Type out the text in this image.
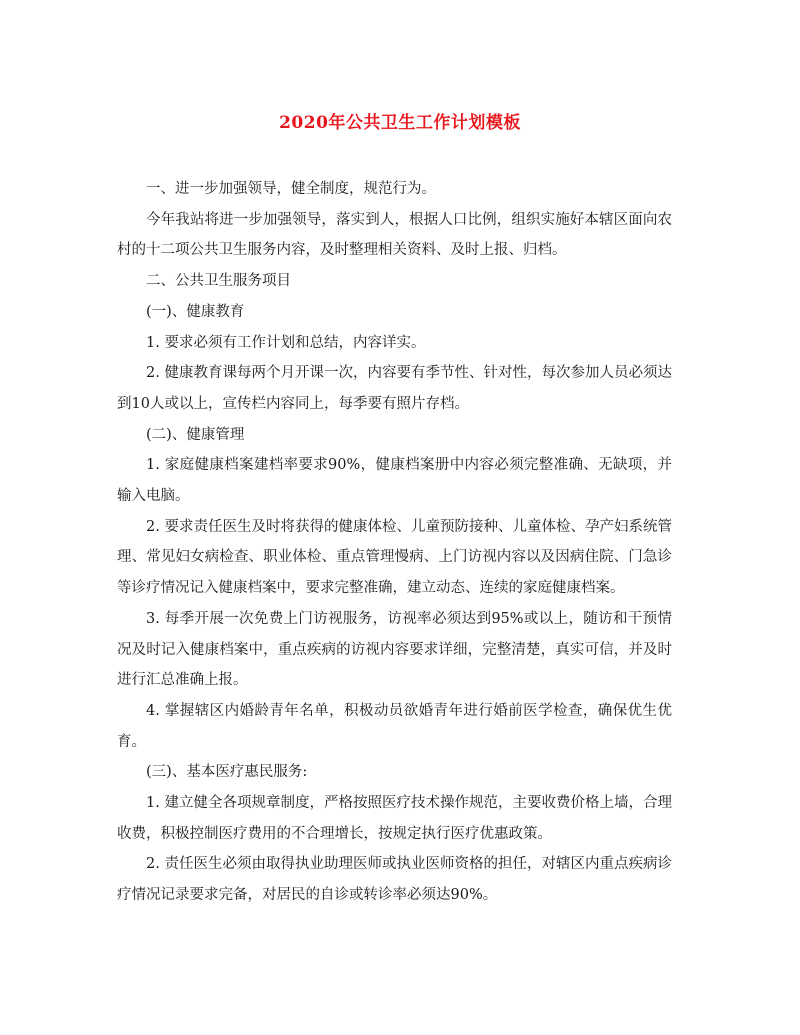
2020年公共卫生工作计划模板

一、进一步加强领导，健全制度，规范行为。

今年我站将进一步加强领导，落实到人，根据人口比例，组织实施好本辖区面向农村的十二项公共卫生服务内容，及时整理相关资料、及时上报、归档。

二、公共卫生服务项目

(一)、健康教育

1. 要求必须有工作计划和总结，内容详实。

2. 健康教育课每两个月开课一次，内容要有季节性、针对性，每次参加人员必须达到10人或以上，宣传栏内容同上，每季要有照片存档。

(二)、健康管理

1. 家庭健康档案建档率要求90%，健康档案册中内容必须完整准确、无缺项，并输入电脑。

2. 要求责任医生及时将获得的健康体检、儿童预防接种、儿童体检、孕产妇系统管理、常见妇女病检查、职业体检、重点管理慢病、上门访视内容以及因病住院、门急诊等诊疗情况记入健康档案中，要求完整准确，建立动态、连续的家庭健康档案。

3. 每季开展一次免费上门访视服务，访视率必须达到95%或以上，随访和干预情况及时记入健康档案中，重点疾病的访视内容要求详细，完整清楚，真实可信，并及时进行汇总准确上报。

4. 掌握辖区内婚龄青年名单，积极动员欲婚青年进行婚前医学检查，确保优生优育。

(三)、基本医疗惠民服务:

1. 建立健全各项规章制度，严格按照医疗技术操作规范，主要收费价格上墙，合理收费，积极控制医疗费用的不合理增长，按规定执行医疗优惠政策。

2. 责任医生必须由取得执业助理医师或执业医师资格的担任，对辖区内重点疾病诊疗情况记录要求完备，对居民的自诊或转诊率必须达90%。
